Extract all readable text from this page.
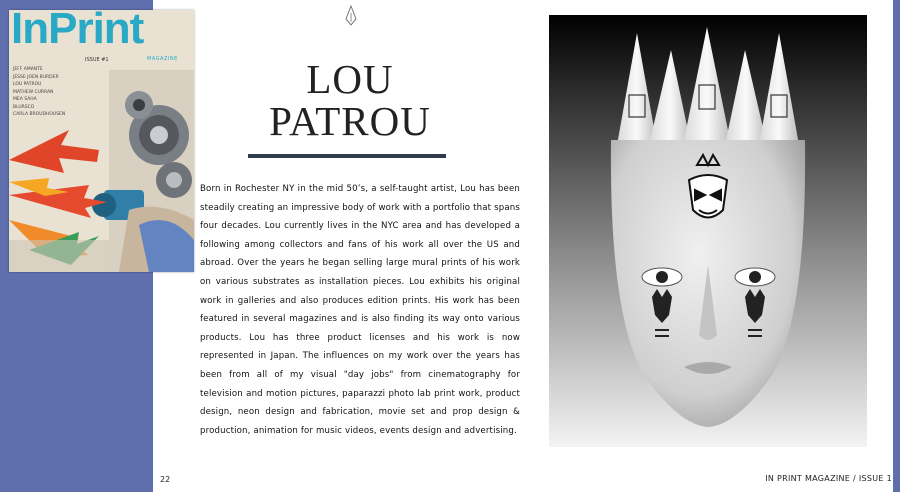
InPrint
ISSUE #1	MAGAZINE
JEFF AMANTE
JESSE JOEN BURDER
LOU PATROU
MATHEW CURRAN
MEA SAHA
BLURSCO
CARLA BROUDHOUSEN
LOU
PATROU
Born in Rochester NY in the mid 50’s, a self-taught artist, Lou has been steadily creating an impressive body of work with a portfolio that spans four decades. Lou currently lives in the NYC area and has developed a following among collectors and fans of his work all over the US and abroad. Over the years he began selling large mural prints of his work on various substrates as installation pieces. Lou exhibits his original work in galleries and also produces edition prints. His work has been featured in several magazines and is also finding its way onto various products. Lou has three product licenses and his work is now represented in Japan. The influences on my work over the years has been from all of my visual "day jobs" from cinematography for television and motion pictures, paparazzi photo lab print work, product design, neon design and fabrication, movie set and prop design & production, animation for music videos, events design and advertising.
22	IN PRINT MAGAZINE / ISSUE 1
